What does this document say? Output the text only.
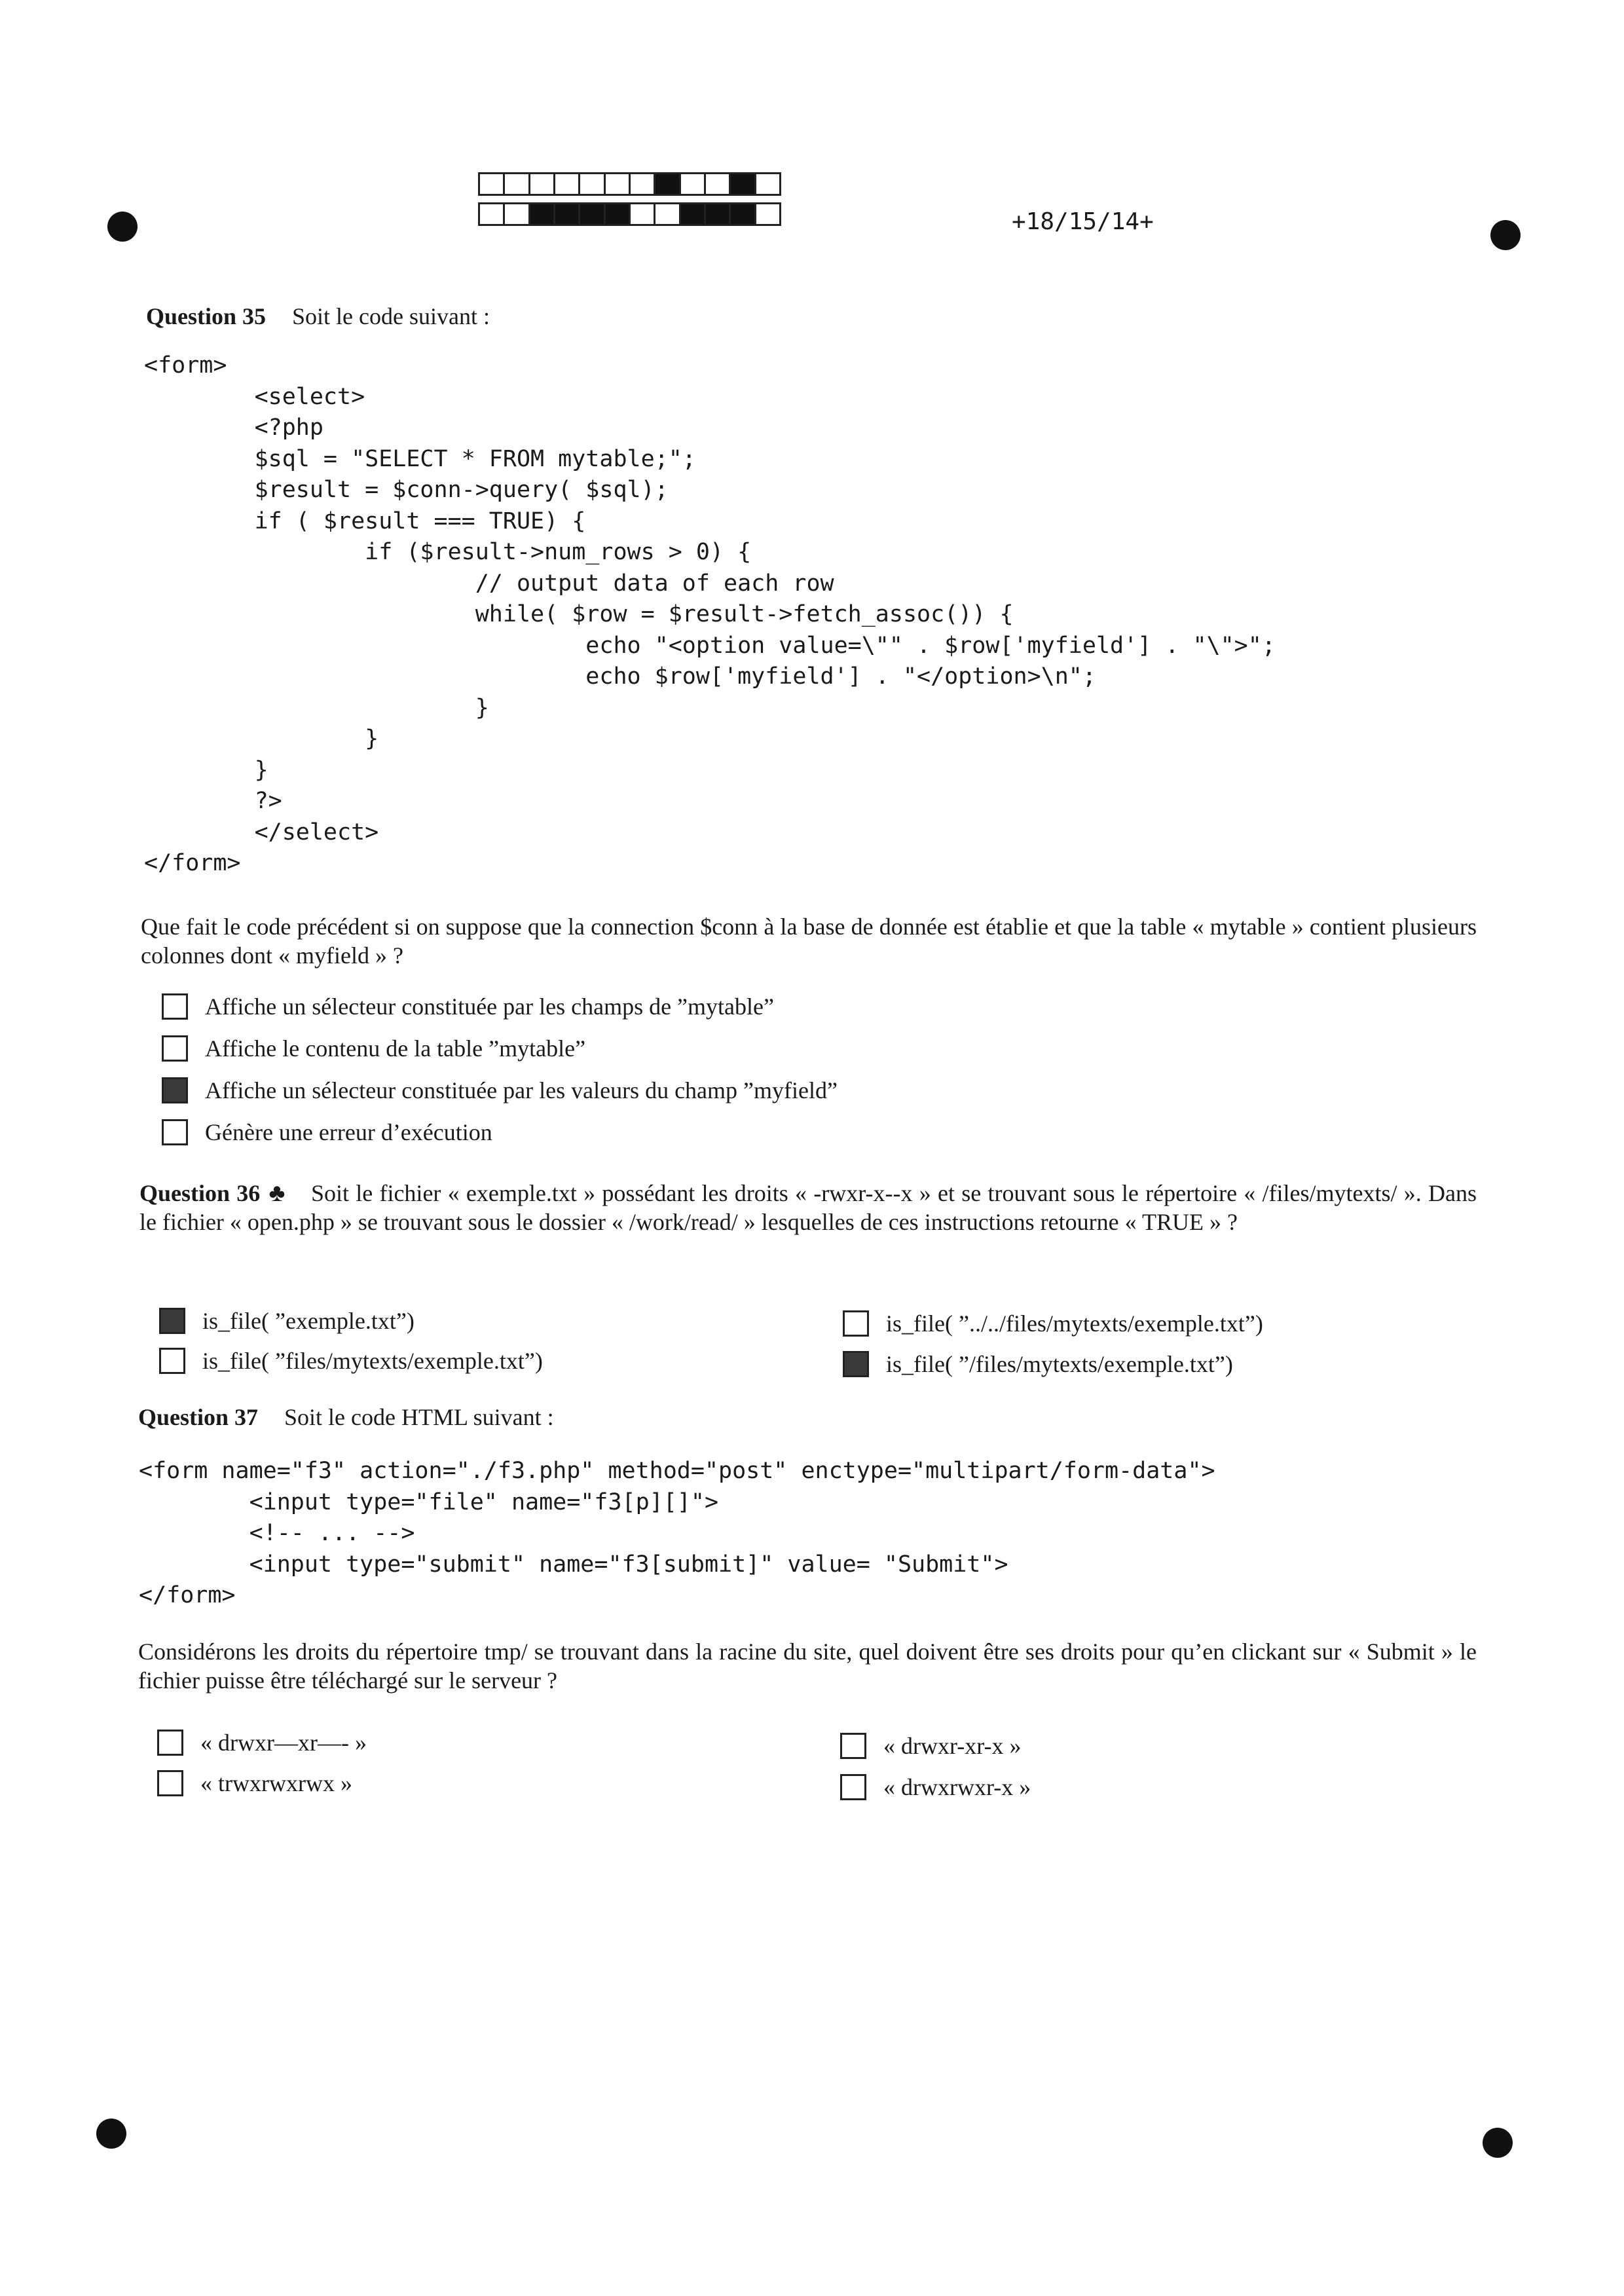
+18/15/14+
Question 35 Soit le code suivant :
<form>
<select>
<?php
$sql = "SELECT * FROM mytable;";
$result = $conn->query( $sql);
if ( $result === TRUE) {
if ($result->num_rows > 0) {
// output data of each row
while( $row = $result->fetch_assoc()) {
echo "<option value=\"" . $row['myfield'] . "\">";
echo $row['myfield'] . "</option>\n";
}
}
}
?>
</select>
</form>
Que fait le code précédent si on suppose que la connection $conn à la base de donnée est établie et que la table « mytable » contient plusieurs colonnes dont « myfield » ?
Affiche un sélecteur constituée par les champs de ”mytable”
Affiche le contenu de la table ”mytable”
Affiche un sélecteur constituée par les valeurs du champ ”myfield”
Génère une erreur d’exécution
Question 36 ♣ Soit le fichier « exemple.txt » possédant les droits « -rwxr-x--x » et se trouvant sous le répertoire « /files/mytexts/ ». Dans le fichier « open.php » se trouvant sous le dossier « /work/read/ » lesquelles de ces instructions retourne « TRUE » ?
is_file( ”exemple.txt”)
is_file( ”files/mytexts/exemple.txt”)
is_file( ”../../files/mytexts/exemple.txt”)
is_file( ”/files/mytexts/exemple.txt”)
Question 37 Soit le code HTML suivant :
<form name="f3" action="./f3.php" method="post" enctype="multipart/form-data">
<input type="file" name="f3[p][]">
<!-- ... -->
<input type="submit" name="f3[submit]" value= "Submit">
</form>
Considérons les droits du répertoire tmp/ se trouvant dans la racine du site, quel doivent être ses droits pour qu’en clickant sur « Submit » le fichier puisse être téléchargé sur le serveur ?
« drwxr—xr—- »
« trwxrwxrwx »
« drwxr-xr-x »
« drwxrwxr-x »
